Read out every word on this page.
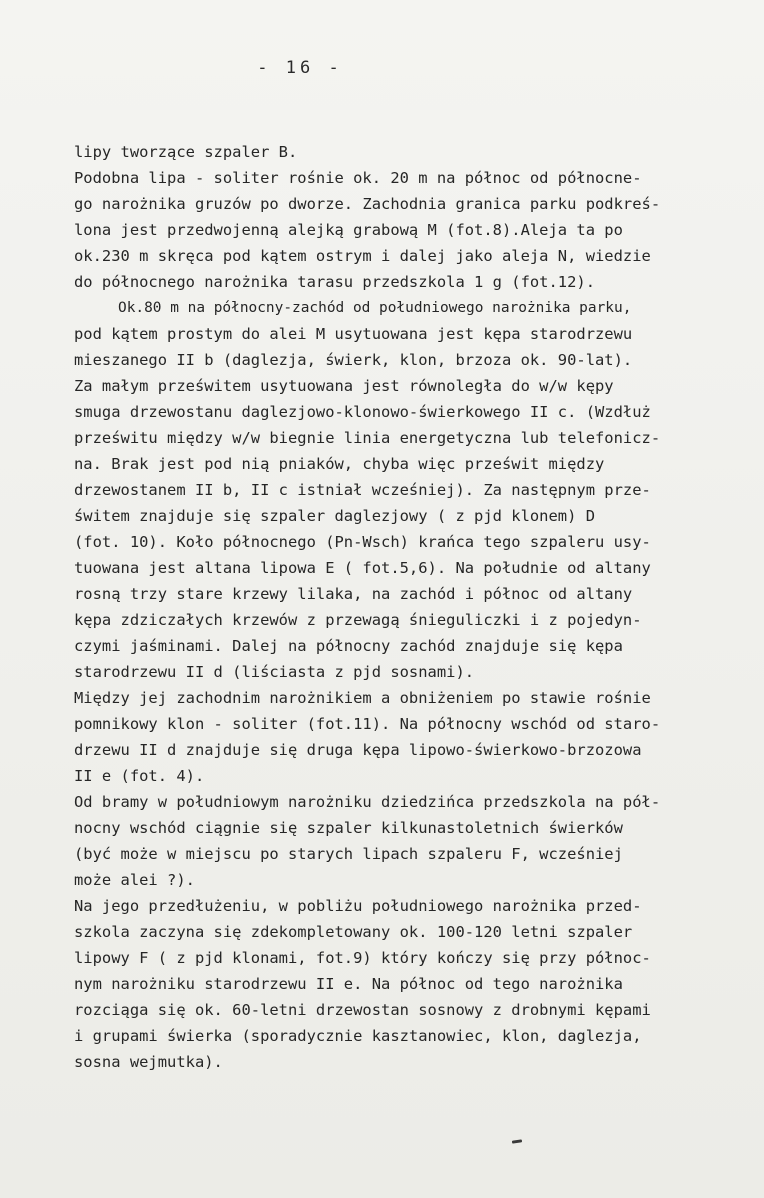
- 16 -
lipy tworzące szpaler B.
Podobna lipa - soliter rośnie ok. 20 m na północ od północne-
go narożnika gruzów po dworze. Zachodnia granica parku podkreś-
lona jest przedwojenną alejką grabową M (fot.8).Aleja ta po
ok.230 m skręca pod kątem ostrym i dalej jako aleja N, wiedzie
do północnego narożnika tarasu przedszkola 1 g (fot.12).
Ok.80 m na północny-zachód od południowego narożnika parku,
pod kątem prostym do alei M usytuowana jest kępa starodrzewu
mieszanego II b (daglezja, świerk, klon, brzoza ok. 90-lat).
Za małym prześwitem usytuowana jest równoległa do w/w kępy
smuga drzewostanu daglezjowo-klonowo-świerkowego II c. (Wzdłuż
prześwitu między w/w biegnie linia energetyczna lub telefonicz-
na. Brak jest pod nią pniaków, chyba więc prześwit między
drzewostanem II b, II c istniał wcześniej). Za następnym prze-
świtem znajduje się szpaler daglezjowy ( z pjd klonem) D
(fot. 10). Koło północnego (Pn-Wsch) krańca tego szpaleru usy-
tuowana jest altana lipowa E ( fot.5,6). Na południe od altany
rosną trzy stare krzewy lilaka, na zachód i północ od altany
kępa zdziczałych krzewów z przewagą śnieguliczki i z pojedyn-
czymi jaśminami. Dalej na północny zachód znajduje się kępa
starodrzewu II d (liściasta z pjd sosnami).
Między jej zachodnim narożnikiem a obniżeniem po stawie rośnie
pomnikowy klon - soliter (fot.11). Na północny wschód od staro-
drzewu II d znajduje się druga kępa lipowo-świerkowo-brzozowa
II e (fot. 4).
Od bramy w południowym narożniku dziedzińca przedszkola na pół-
nocny wschód ciągnie się szpaler kilkunastoletnich świerków
(być może w miejscu po starych lipach szpaleru F, wcześniej
może alei ?).
Na jego przedłużeniu, w pobliżu południowego narożnika przed-
szkola zaczyna się zdekompletowany ok. 100-120 letni szpaler
lipowy F ( z pjd klonami, fot.9) który kończy się przy północ-
nym narożniku starodrzewu II e. Na północ od tego narożnika
rozciąga się ok. 60-letni drzewostan sosnowy z drobnymi kępami
i grupami świerka (sporadycznie kasztanowiec, klon, daglezja,
sosna wejmutka).
